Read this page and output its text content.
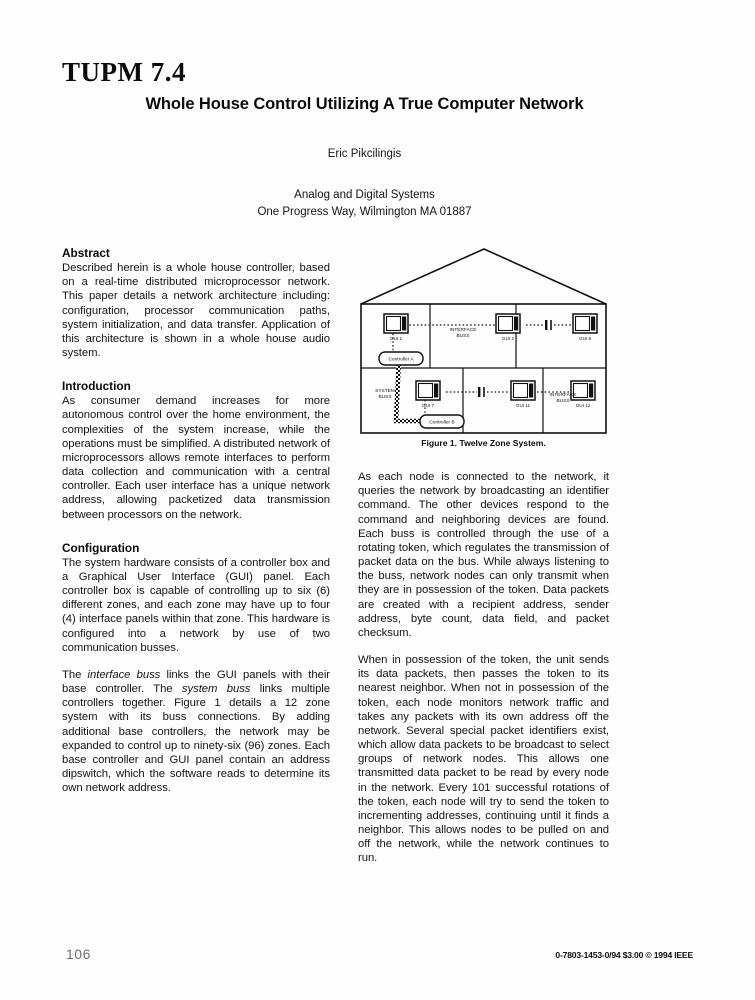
TUPM 7.4
Whole House Control Utilizing A True Computer Network
Eric Pikcilingis
Analog and Digital Systems
One Progress Way, Wilmington MA 01887
Abstract

Described herein is a whole house controller, based on a real-time distributed microprocessor network. This paper details a network architecture including: configuration, processor communication paths, system initialization, and data transfer. Application of this architecture is shown in a whole house audio system.

Introduction

As consumer demand increases for more autonomous control over the home environment, the complexities of the system increase, while the operations must be simplified. A distributed network of microprocessors allows remote interfaces to perform data collection and communication with a central controller. Each user interface has a unique network address, allowing packetized data transmission between processors on the network.

Configuration

The system hardware consists of a controller box and a Graphical User Interface (GUI) panel. Each controller box is capable of controlling up to six (6) different zones, and each zone may have up to four (4) interface panels within that zone. This hardware is configured into a network by use of two communication busses.

The interface buss links the GUI panels with their base controller. The system buss links multiple controllers together. Figure 1 details a 12 zone system with its buss connections. By adding additional base controllers, the network may be expanded to control up to ninety-six (96) zones. Each base controller and GUI panel contain an address dipswitch, which the software reads to determine its own network address.

GUI 1	GUI 2	GUI 6
GUI 7	GUI 11	GUI 12
Controller A
Controller B
INTERFACE
BUSS
INTERFACE
BUSS
SYSTEM
BUSS
Figure 1. Twelve Zone System.

As each node is connected to the network, it queries the network by broadcasting an identifier command. The other devices respond to the command and neighboring devices are found. Each buss is controlled through the use of a rotating token, which regulates the transmission of packet data on the bus. While always listening to the buss, network nodes can only transmit when they are in possession of the token. Data packets are created with a recipient address, sender address, byte count, data field, and packet checksum.

When in possession of the token, the unit sends its data packets, then passes the token to its nearest neighbor. When not in possession of the token, each node monitors network traffic and takes any packets with its own address off the network. Several special packet identifiers exist, which allow data packets to be broadcast to select groups of network nodes. This allows one transmitted data packet to be read by every node in the network. Every 101 successful rotations of the token, each node will try to send the token to incrementing addresses, continuing until it finds a neighbor. This allows nodes to be pulled on and off the network, while the network continues to run.

106	0-7803-1453-0/94 $3.00 © 1994 IEEE
